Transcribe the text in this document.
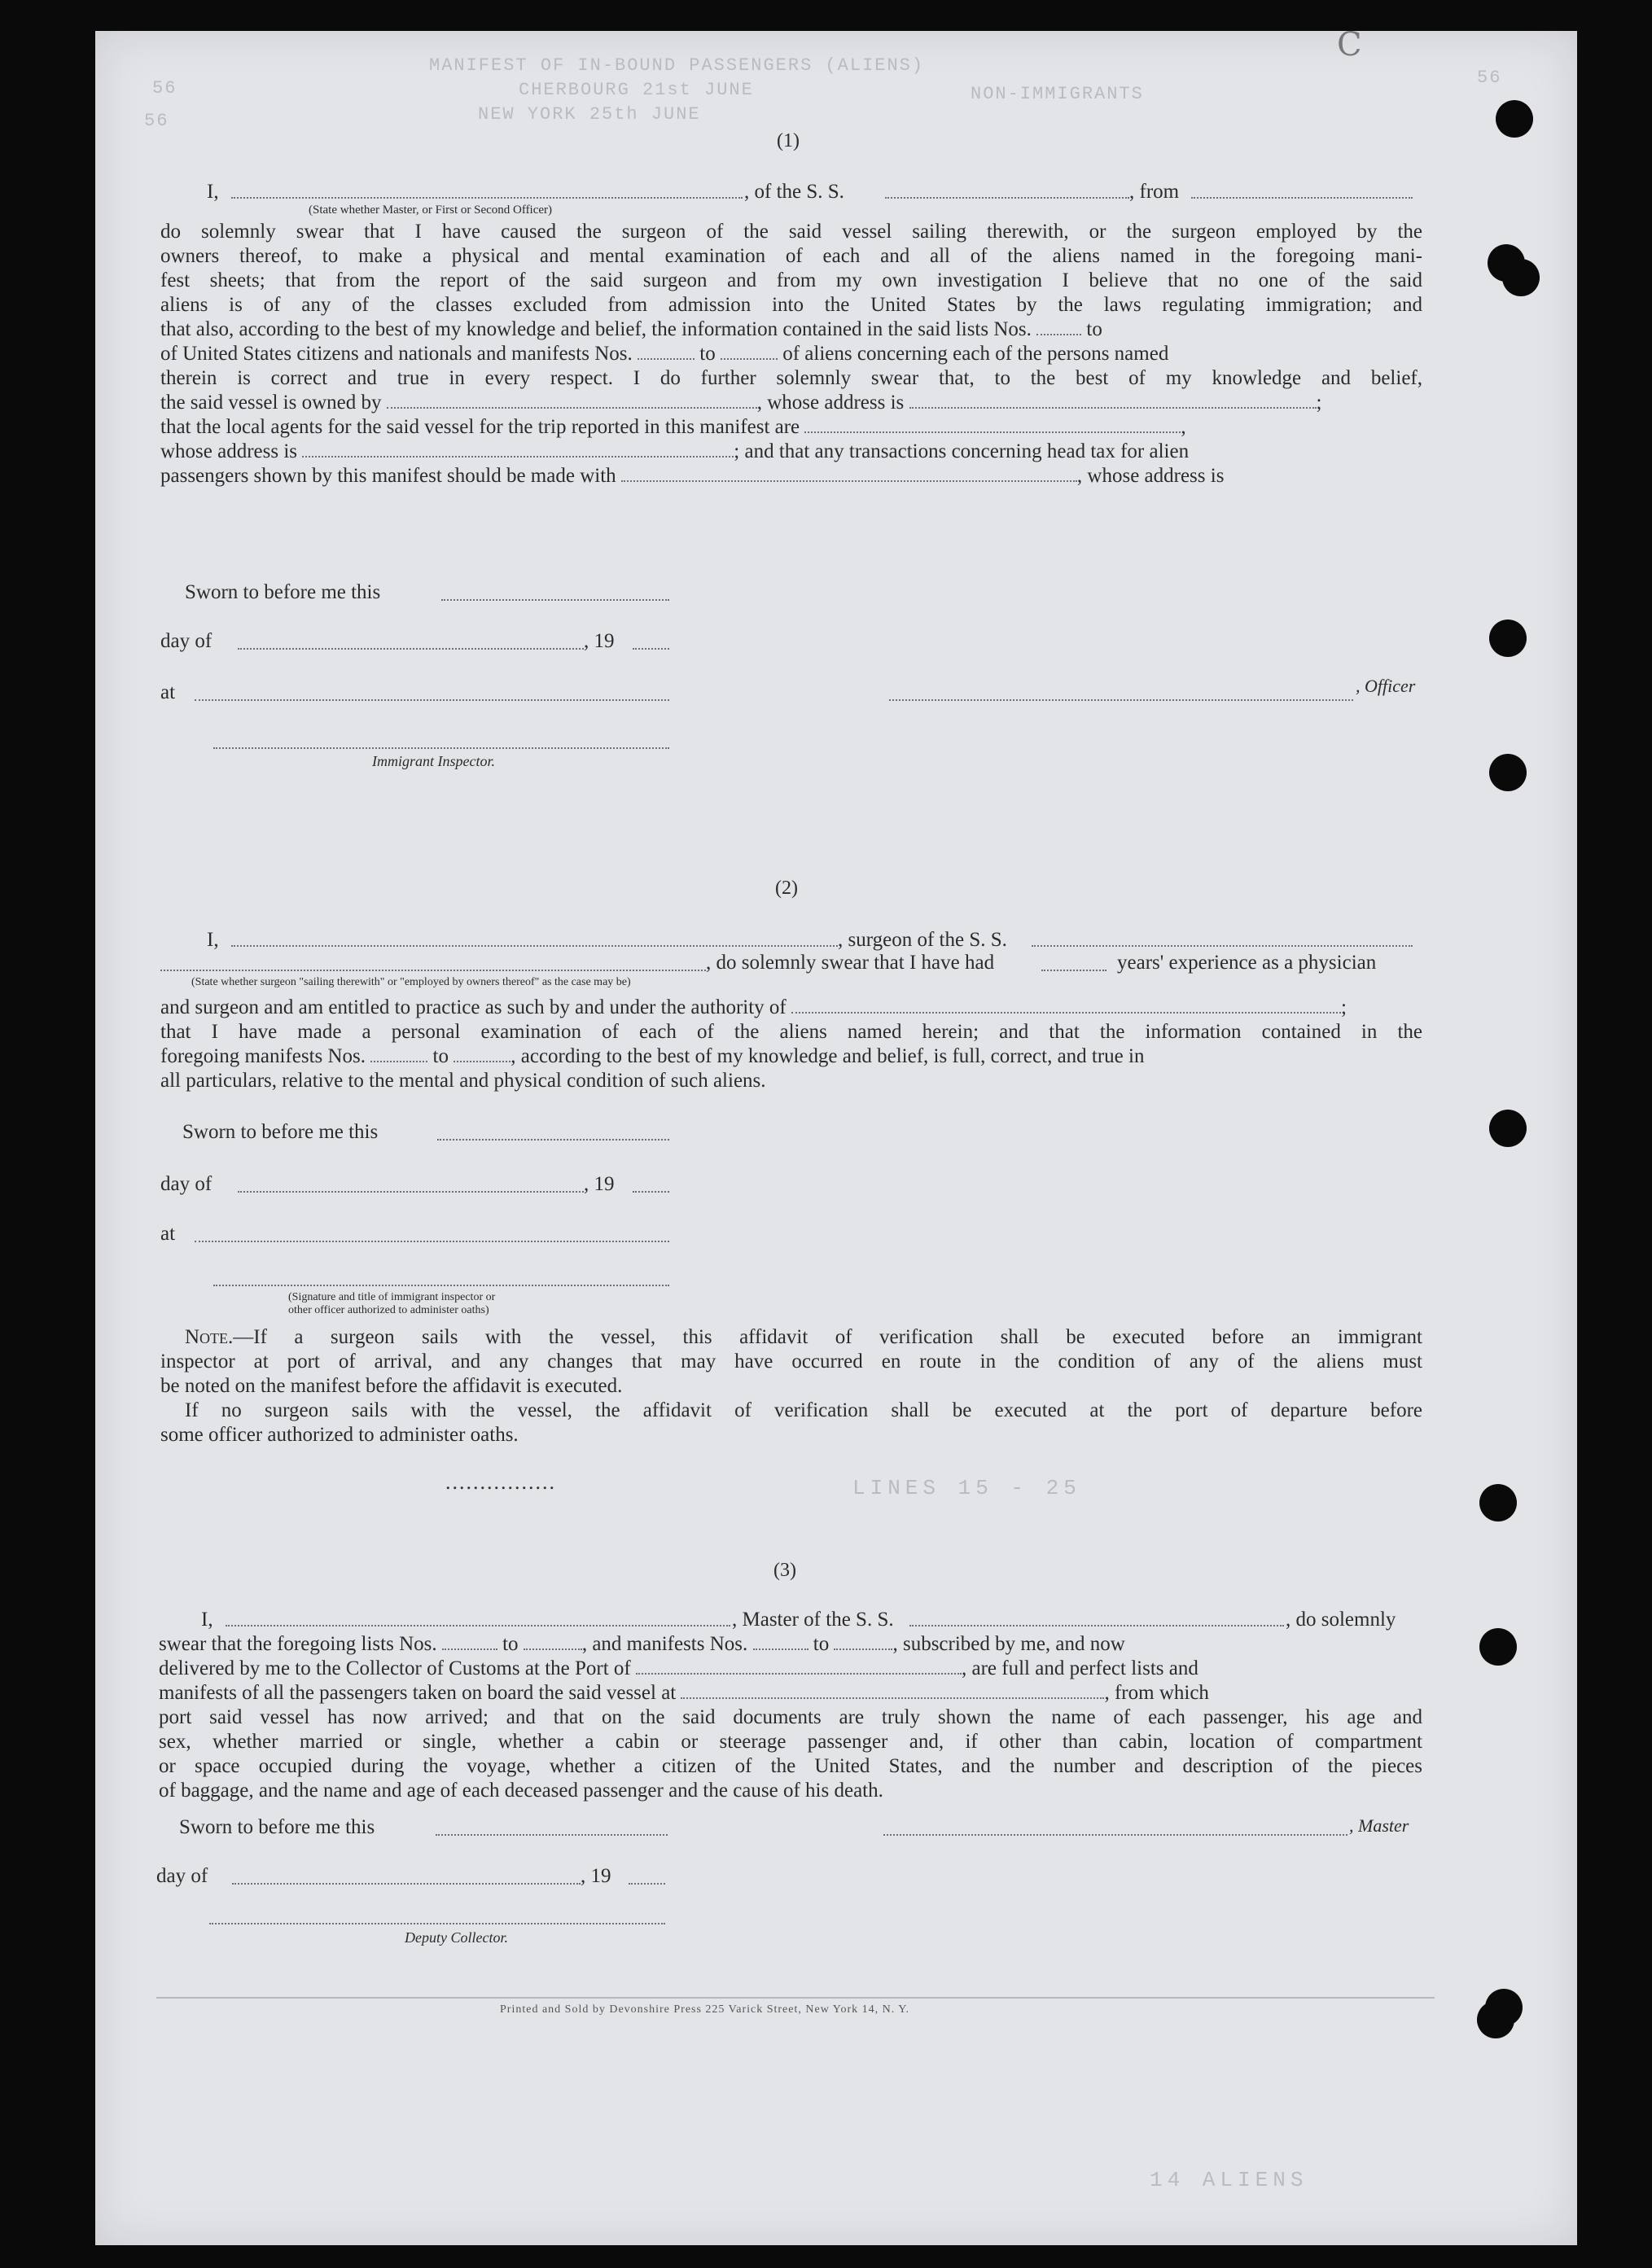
MANIFEST OF IN-BOUND PASSENGERS (ALIENS)
CHERBOURG 21st JUNE
NEW YORK 25th JUNE
NON-IMMIGRANTS
56
56
56
C
(1)
I,	, of the S. S.	, from
(State whether Master, or First or Second Officer)
do solemnly swear that I have caused the surgeon of the said vessel sailing therewith, or the surgeon employed by the
owners thereof, to make a physical and mental examination of each and all of the aliens named in the foregoing mani-
fest sheets; that from the report of the said surgeon and from my own investigation I believe that no one of the said
aliens is of any of the classes excluded from admission into the United States by the laws regulating immigration; and
that also, according to the best of my knowledge and belief, the information contained in the said lists Nos.	to
of United States citizens and nationals and manifests Nos.	to	of aliens concerning each of the persons named
therein is correct and true in every respect. I do further solemnly swear that, to the best of my knowledge and belief,
the said vessel is owned by	, whose address is	;
that the local agents for the said vessel for the trip reported in this manifest are	,
whose address is	; and that any transactions concerning head tax for alien
passengers shown by this manifest should be made with	, whose address is
Sworn to before me this
day of	, 19
at	, Officer
Immigrant Inspector.
(2)
I,	, surgeon of the S. S.
, do solemnly swear that I have had	years' experience as a physician
(State whether surgeon "sailing therewith" or "employed by owners thereof" as the case may be)
and surgeon and am entitled to practice as such by and under the authority of	;
that I have made a personal examination of each of the aliens named herein; and that the information contained in the
foregoing manifests Nos.	to	, according to the best of my knowledge and belief, is full, correct, and true in
all particulars, relative to the mental and physical condition of such aliens.
Sworn to before me this
day of	, 19
at
(Signature and title of immigrant inspector or
other officer authorized to administer oaths)
Note.—If a surgeon sails with the vessel, this affidavit of verification shall be executed before an immigrant
inspector at port of arrival, and any changes that may have occurred en route in the condition of any of the aliens must
be noted on the manifest before the affidavit is executed.
If no surgeon sails with the vessel, the affidavit of verification shall be executed at the port of departure before
some officer authorized to administer oaths.
LINES 15 - 25
................
(3)
I,	, Master of the S. S.	, do solemnly
swear that the foregoing lists Nos.	to	, and manifests Nos.	to	, subscribed by me, and now
delivered by me to the Collector of Customs at the Port of	, are full and perfect lists and
manifests of all the passengers taken on board the said vessel at	, from which
port said vessel has now arrived; and that on the said documents are truly shown the name of each passenger, his age and
sex, whether married or single, whether a cabin or steerage passenger and, if other than cabin, location of compartment
or space occupied during the voyage, whether a citizen of the United States, and the number and description of the pieces
of baggage, and the name and age of each deceased passenger and the cause of his death.
Sworn to before me this	, Master
day of	, 19
Deputy Collector.
Printed and Sold by Devonshire Press 225 Varick Street, New York 14, N. Y.
14 ALIENS
